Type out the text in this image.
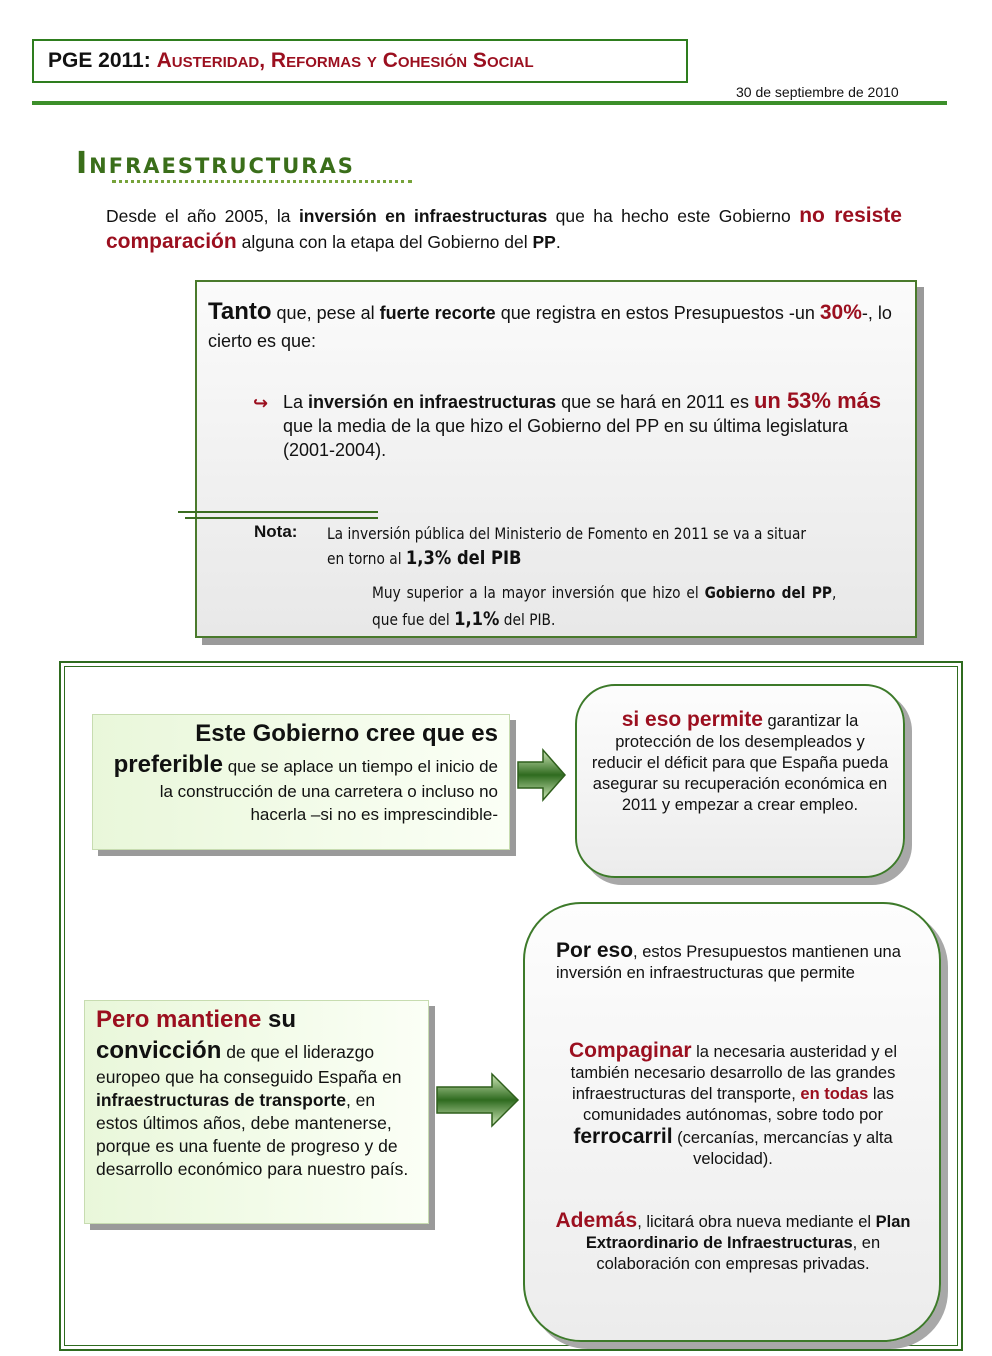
PGE 2011:
Austeridad, Reformas y Cohesión Social
30 de septiembre de 2010
Infraestructuras
Desde el año 2005, la inversión en infraestructuras que ha hecho este Gobierno no resiste comparación alguna con la etapa del Gobierno del PP.
Tanto que, pese al fuerte recorte que registra en estos Presupuestos -un 30%-, lo cierto es que:
↪ La inversión en infraestructuras que se hará en 2011 es un 53% más que la media de la que hizo el Gobierno del PP en su última legislatura (2001-2004).
Nota: La inversión pública del Ministerio de Fomento en 2011 se va a situar en torno al 1,3% del PIB
Muy superior a la mayor inversión que hizo el Gobierno del PP, que fue del 1,1% del PIB.
Este Gobierno cree que es preferible que se aplace un tiempo el inicio de la construcción de una carretera o incluso no hacerla –si no es imprescindible-
si eso permite garantizar la protección de los desempleados y reducir el déficit para que España pueda asegurar su recuperación económica en 2011 y empezar a crear empleo.
Pero mantiene su convicción de que el liderazgo europeo que ha conseguido España en infraestructuras de transporte, en estos últimos años, debe mantenerse, porque es una fuente de progreso y de desarrollo económico para nuestro país.
Por eso, estos Presupuestos mantienen una inversión en infraestructuras que permite
Compaginar la necesaria austeridad y el también necesario desarrollo de las grandes infraestructuras del transporte, en todas las comunidades autónomas, sobre todo por ferrocarril (cercanías, mercancías y alta velocidad).
Además, licitará obra nueva mediante el Plan Extraordinario de Infraestructuras, en colaboración con empresas privadas.
